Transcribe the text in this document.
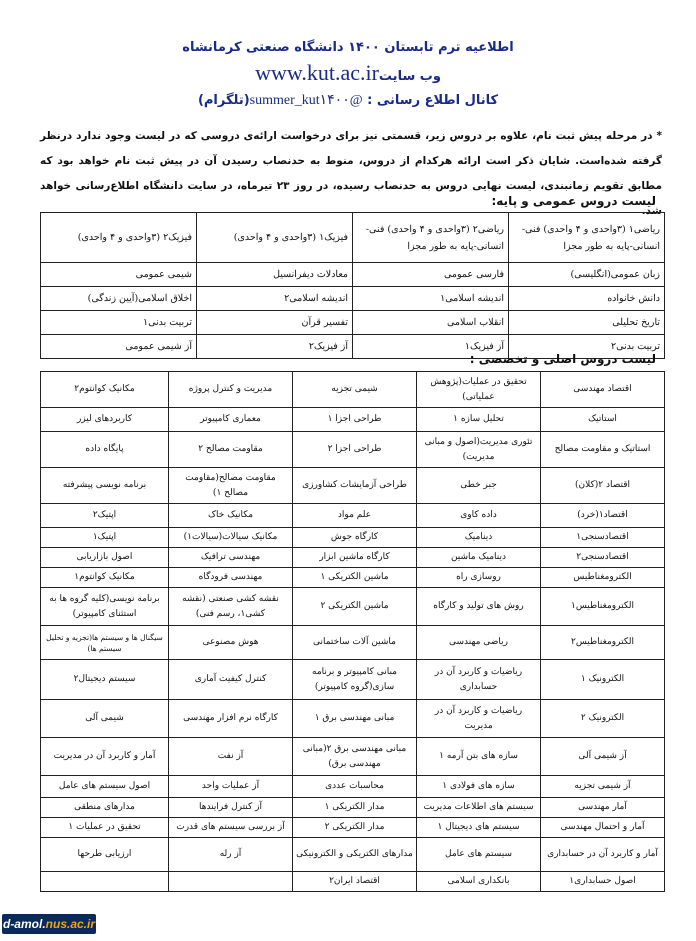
اطلاعیه ترم تابستان ۱۴۰۰ دانشگاه صنعتی کرمانشاه
وب سایتwww.kut.ac.ir
کانال اطلاع رسانی : @summer_kut۱۴۰۰(تلگرام)
* در مرحله پیش ثبت نام، علاوه بر دروس زیر، قسمتی نیز برای درخواست ارائه‌ی دروسی که در لیست وجود ندارد درنظر گرفته شده‌است. شایان ذکر است ارائه هرکدام از دروس، منوط به حدنصاب رسیدن آن در پیش ثبت نام خواهد بود که مطابق تقویم زمانبندی، لیست نهایی دروس به حدنصاب رسیده، در روز ۲۳ تیرماه، در سایت دانشگاه اطلاع‌رسانی خواهد شد.
لیست دروس عمومی و پایه:
ریاضی۱ (۳واحدی و ۴ واحدی) فنی-انسانی-پایه به طور مجزا	ریاضی۲ (۳واحدی و ۴ واحدی) فنی-انسانی-پایه به طور مجزا	فیزیک۱ (۳واحدی و ۴ واحدی)	فیزیک۲ (۳واحدی و ۴ واحدی)
زبان عمومی(انگلیسی)	فارسی عمومی	معادلات دیفرانسیل	شیمی عمومی
دانش خانواده	اندیشه اسلامی۱	اندیشه اسلامی۲	اخلاق اسلامی(آیین زندگی)
تاریخ تحلیلی	انقلاب اسلامی	تفسیر قرآن	تربیت بدنی۱
تربیت بدنی۲	آز فیزیک۱	آز فیزیک۲	آز شیمی عمومی
لیست دروس اصلی و تخصصی :
اقتصاد مهندسی	تحقیق در عملیات(پژوهش عملیاتی)	شیمی تجزیه	مدیریت و کنترل پروژه	مکانیک کوانتوم۲
استاتیک	تحلیل سازه ۱	طراحی اجزا ۱	معماری کامپیوتر	کاربردهای لیزر
استاتیک و مقاومت مصالح	تئوری مدیریت(اصول و مبانی مدیریت)	طراحی اجزا ۲	مقاومت مصالح ۲	پایگاه داده
اقتصاد ۲(کلان)	جبر خطی	طراحی آزمایشات کشاورزی	مقاومت مصالح(مقاومت مصالح ۱)	برنامه نویسی پیشرفته
اقتصاد۱(خرد)	داده کاوی	علم مواد	مکانیک خاک	اپتیک۲
اقتصادسنجی۱	دینامیک	کارگاه جوش	مکانیک سیالات(سیالات۱)	اپتیک۱
اقتصادسنجی۲	دینامیک ماشین	کارگاه ماشین ابزار	مهندسی ترافیک	اصول بازاریابی
الکترومغناطیس	روسازی راه	ماشین الکتریکی ۱	مهندسی فرودگاه	مکانیک کوانتوم۱
الکترومغناطیس۱	روش های تولید و کارگاه	ماشین الکتریکی ۲	نقشه کشی صنعتی (نقشه کشی۱، رسم فنی)	برنامه نویسی(کلیه گروه ها به استثنای کامپیوتر)
الکترومغناطیس۲	ریاضی مهندسی	ماشین آلات ساختمانی	هوش مصنوعی	سیگنال ها و سیستم ها(تجزیه و تحلیل سیستم ها)
الکترونیک ۱	ریاضیات و کاربرد آن در حسابداری	مبانی کامپیوتر و برنامه سازی(گروه کامپیوتر)	کنترل کیفیت آماری	سیستم دیجیتال۲
الکترونیک ۲	ریاضیات و کاربرد آن در مدیریت	مبانی مهندسی برق ۱	کارگاه نرم افزار مهندسی	شیمی آلی
آز شیمی آلی	سازه های بتن آرمه ۱	مبانی مهندسی برق ۲(مبانی مهندسی برق)	آز نفت	آمار و کاربرد آن در مدیریت
آز شیمی تجزیه	سازه های فولادی ۱	محاسبات عددی	آز عملیات واحد	اصول سیستم های عامل
آمار مهندسی	سیستم های اطلاعات مدیریت	مدار الکتریکی ۱	آز کنترل فرایندها	مدارهای منطقی
آمار و احتمال مهندسی	سیستم های دیجیتال ۱	مدار الکتریکی ۲	آز بررسی سیستم های قدرت	تحقیق در عملیات ۱
آمار و کاربرد آن در حسابداری	سیستم های عامل	مدارهای الکتریکی و الکترونیکی	آز رله	ارزیابی طرحها
اصول حسابداری۱	بانکداری اسلامی	اقتصاد ایران۲		
d-amol.nus.ac.ir
